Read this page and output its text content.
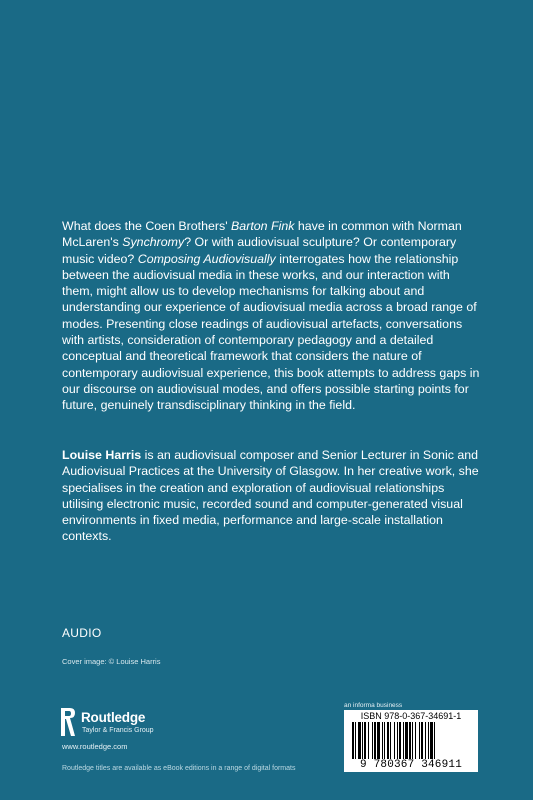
What does the Coen Brothers' Barton Fink have in common with Norman McLaren's Synchromy? Or with audiovisual sculpture? Or contemporary music video? Composing Audiovisually interrogates how the relationship between the audiovisual media in these works, and our interaction with them, might allow us to develop mechanisms for talking about and understanding our experience of audiovisual media across a broad range of modes. Presenting close readings of audiovisual artefacts, conversations with artists, consideration of contemporary pedagogy and a detailed conceptual and theoretical framework that considers the nature of contemporary audiovisual experience, this book attempts to address gaps in our discourse on audiovisual modes, and offers possible starting points for future, genuinely transdisciplinary thinking in the field.
Louise Harris is an audiovisual composer and Senior Lecturer in Sonic and Audiovisual Practices at the University of Glasgow. In her creative work, she specialises in the creation and exploration of audiovisual relationships utilising electronic music, recorded sound and computer-generated visual environments in fixed media, performance and large-scale installation contexts.
AUDIO
Cover image: © Louise Harris
Routledge
Taylor & Francis Group
www.routledge.com
Routledge titles are available as eBook editions in a range of digital formats
an informa business
ISBN 978-0-367-34691-1
9 780367 346911
